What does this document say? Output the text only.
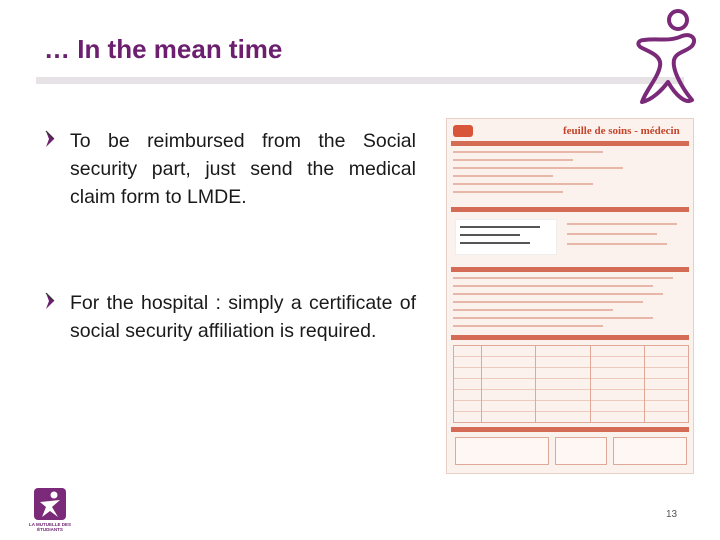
… In the mean time
To be reimbursed from the Social security part, just send the medical claim form to LMDE.
For the hospital : simply a certificate of social security affiliation is required.
feuille de soins - médecin
LA MUTUELLE DES ÉTUDIANTS
13
